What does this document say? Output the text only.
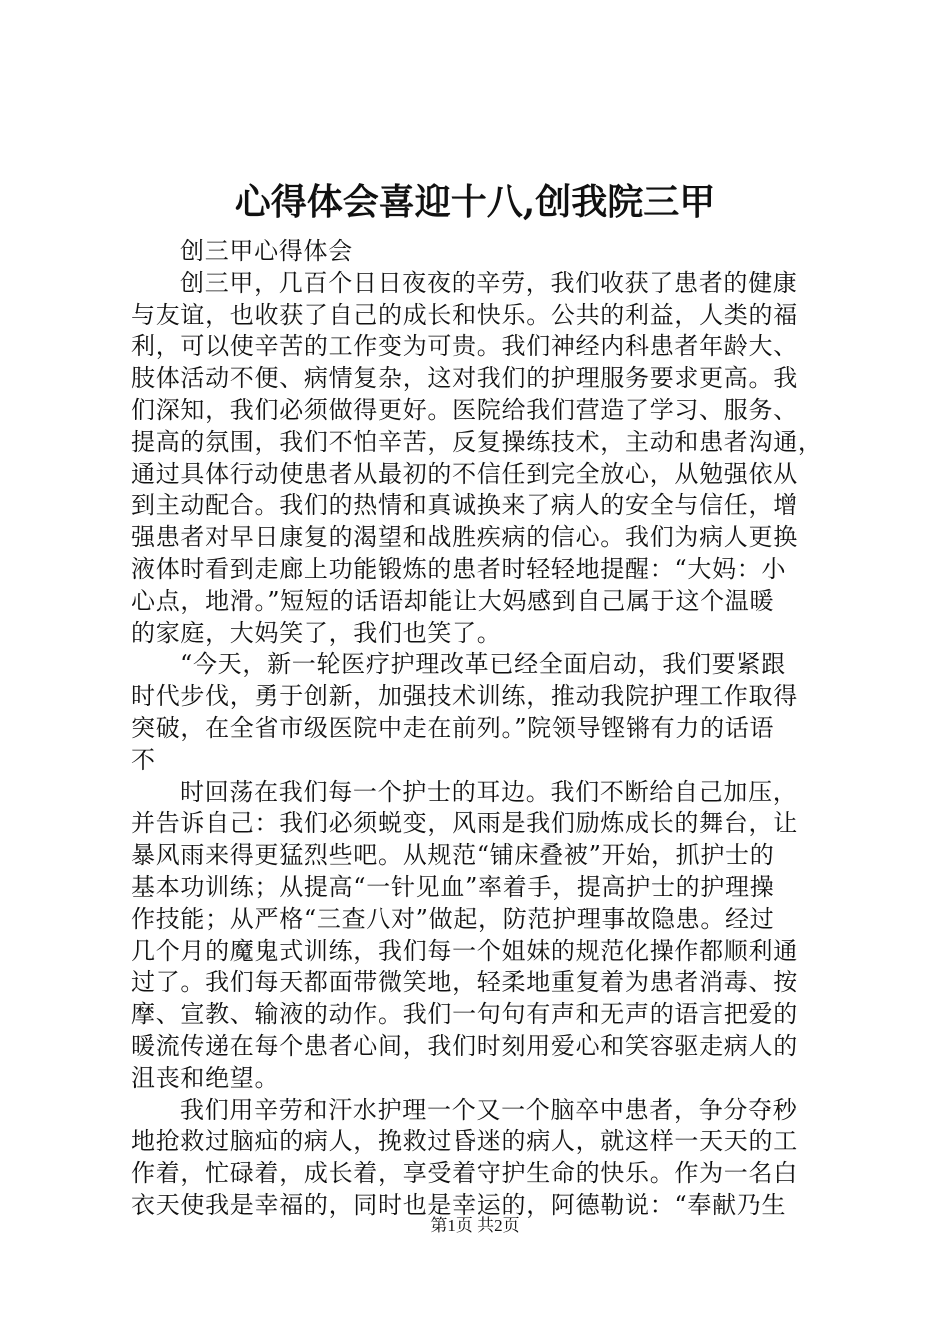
心得体会喜迎十八,创我院三甲
创三甲心得体会
创三甲，几百个日日夜夜的辛劳，我们收获了患者的健康
与友谊，也收获了自己的成长和快乐。公共的利益，人类的福
利，可以使辛苦的工作变为可贵。我们神经内科患者年龄大、
肢体活动不便、病情复杂，这对我们的护理服务要求更高。我
们深知，我们必须做得更好。医院给我们营造了学习、服务、
提高的氛围，我们不怕辛苦，反复操练技术，主动和患者沟通，
通过具体行动使患者从最初的不信任到完全放心，从勉强依从
到主动配合。我们的热情和真诚换来了病人的安全与信任，增
强患者对早日康复的渴望和战胜疾病的信心。我们为病人更换
液体时看到走廊上功能锻炼的患者时轻轻地提醒：“大妈：小
心点，地滑。”短短的话语却能让大妈感到自己属于这个温暖
的家庭，大妈笑了，我们也笑了。
“今天，新一轮医疗护理改革已经全面启动，我们要紧跟
时代步伐，勇于创新，加强技术训练，推动我院护理工作取得
突破，在全省市级医院中走在前列。”院领导铿锵有力的话语
不
时回荡在我们每一个护士的耳边。我们不断给自己加压，
并告诉自己：我们必须蜕变，风雨是我们励炼成长的舞台，让
暴风雨来得更猛烈些吧。从规范“铺床叠被”开始，抓护士的
基本功训练；从提高“一针见血”率着手，提高护士的护理操
作技能；从严格“三查八对”做起，防范护理事故隐患。经过
几个月的魔鬼式训练，我们每一个姐妹的规范化操作都顺利通
过了。我们每天都面带微笑地，轻柔地重复着为患者消毒、按
摩、宣教、输液的动作。我们一句句有声和无声的语言把爱的
暖流传递在每个患者心间，我们时刻用爱心和笑容驱走病人的
沮丧和绝望。
我们用辛劳和汗水护理一个又一个脑卒中患者，争分夺秒
地抢救过脑疝的病人，挽救过昏迷的病人，就这样一天天的工
作着，忙碌着，成长着，享受着守护生命的快乐。作为一名白
衣天使我是幸福的，同时也是幸运的，阿德勒说：“奉献乃生
第1页 共2页
